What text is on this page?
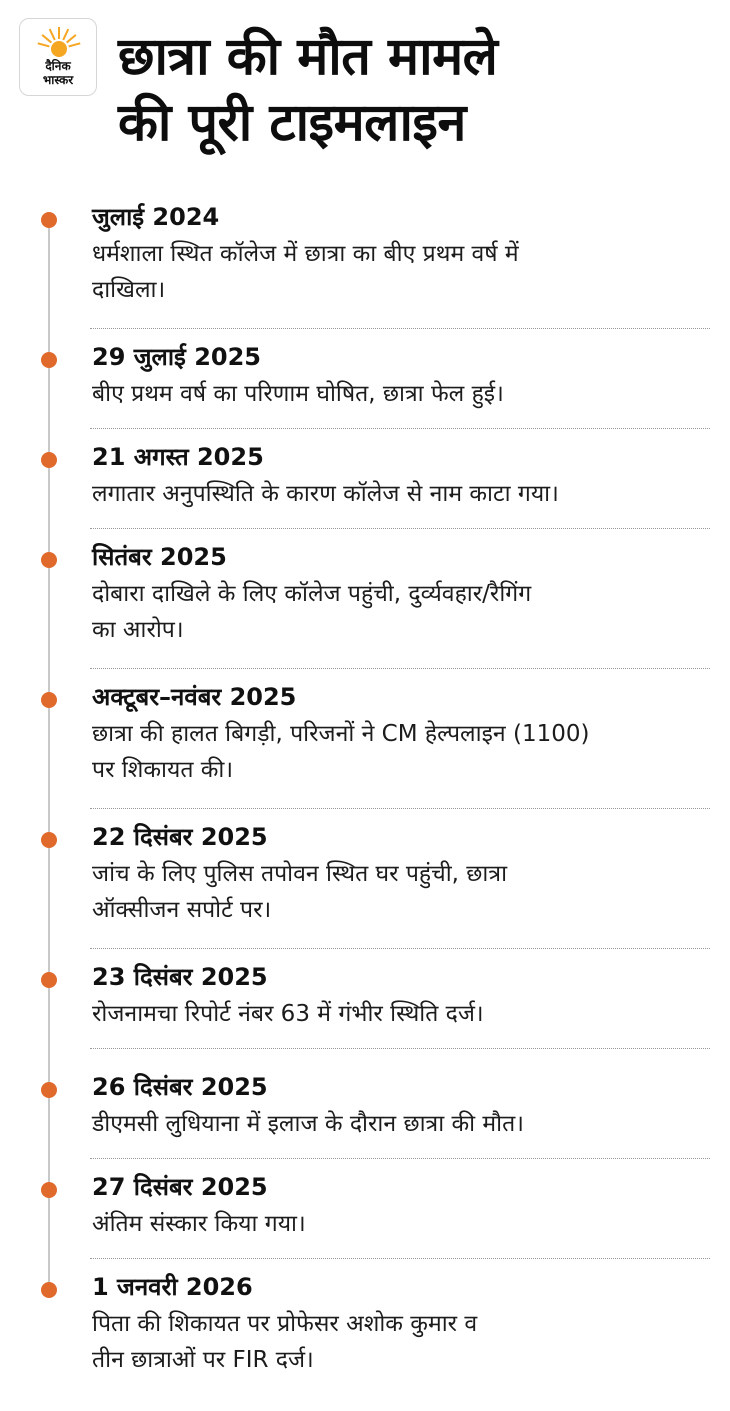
दैनिक
भास्कर छात्रा की मौत मामले
की पूरी टाइमलाइन
जुलाई 2024
धर्मशाला स्थित कॉलेज में छात्रा का बीए प्रथम वर्ष में
दाखिला।
29 जुलाई 2025
बीए प्रथम वर्ष का परिणाम घोषित, छात्रा फेल हुई।
21 अगस्त 2025
लगातार अनुपस्थिति के कारण कॉलेज से नाम काटा गया।
सितंबर 2025
दोबारा दाखिले के लिए कॉलेज पहुंची, दुर्व्यवहार/रैगिंग
का आरोप।
अक्टूबर–नवंबर 2025
छात्रा की हालत बिगड़ी, परिजनों ने CM हेल्पलाइन (1100)
पर शिकायत की।
22 दिसंबर 2025
जांच के लिए पुलिस तपोवन स्थित घर पहुंची, छात्रा
ऑक्सीजन सपोर्ट पर।
23 दिसंबर 2025
रोजनामचा रिपोर्ट नंबर 63 में गंभीर स्थिति दर्ज।
26 दिसंबर 2025
डीएमसी लुधियाना में इलाज के दौरान छात्रा की मौत।
27 दिसंबर 2025
अंतिम संस्कार किया गया।
1 जनवरी 2026
पिता की शिकायत पर प्रोफेसर अशोक कुमार व
तीन छात्राओं पर FIR दर्ज।
